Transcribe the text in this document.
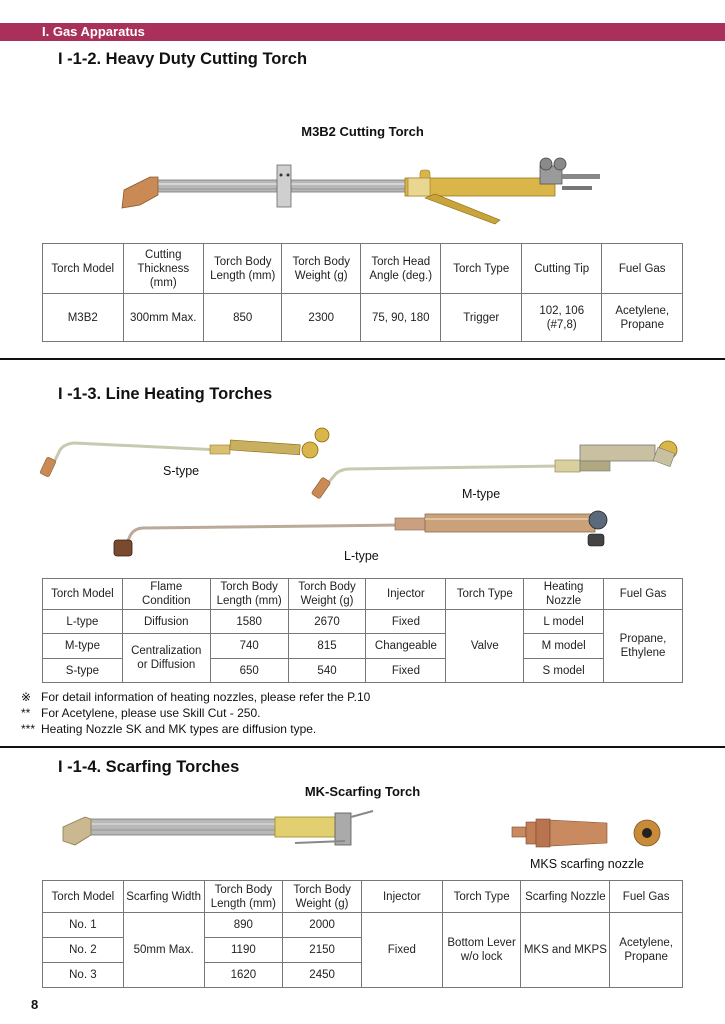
I. Gas Apparatus
I -1-2. Heavy Duty Cutting Torch
M3B2 Cutting Torch
Torch Model	Cutting Thickness (mm)	Torch Body Length (mm)	Torch Body Weight (g)	Torch Head Angle (deg.)	Torch Type	Cutting Tip	Fuel Gas
M3B2	300mm Max.	850	2300	75, 90, 180	Trigger	102, 106 (#7,8)	Acetylene, Propane
I -1-3. Line Heating Torches
S-type
M-type
L-type
Torch Model	Flame Condition	Torch Body Length (mm)	Torch Body Weight (g)	Injector	Torch Type	Heating Nozzle	Fuel Gas
L-type	Diffusion	1580	2670	Fixed	Valve	L model	Propane, Ethylene
M-type	Centralization or Diffusion	740	815	Changeable		M model	
S-type		650	540	Fixed		S model	
※ For detail information of heating nozzles, please refer the P.10
** For Acetylene, please use Skill Cut - 250.
*** Heating Nozzle SK and MK types are diffusion type.
I -1-4. Scarfing Torches
MK-Scarfing Torch
MKS scarfing nozzle
Torch Model	Scarfing Width	Torch Body Length (mm)	Torch Body Weight (g)	Injector	Torch Type	Scarfing Nozzle	Fuel Gas
No. 1	50mm Max.	890	2000	Fixed	Bottom Lever w/o lock	MKS and MKPS	Acetylene, Propane
No. 2		1190	2150				
No. 3		1620	2450				
8
